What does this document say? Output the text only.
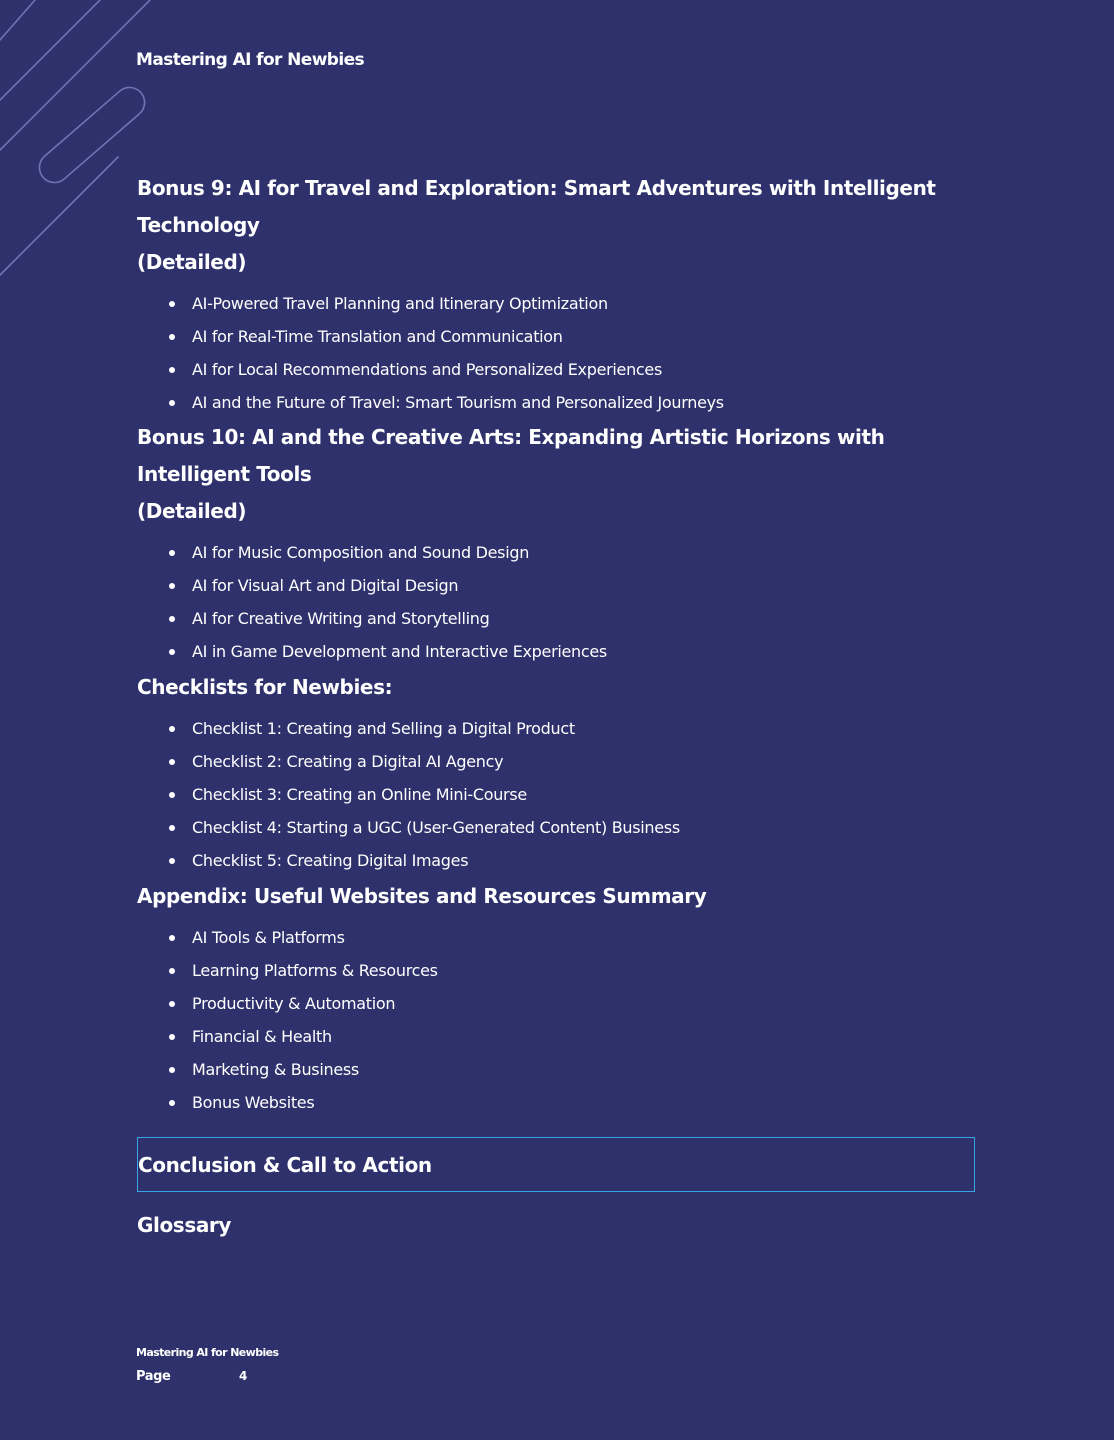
Mastering AI for Newbies

Bonus 9: AI for Travel and Exploration: Smart Adventures with Intelligent Technology
(Detailed)

AI-Powered Travel Planning and Itinerary Optimization
AI for Real-Time Translation and Communication
AI for Local Recommendations and Personalized Experiences
AI and the Future of Travel: Smart Tourism and Personalized Journeys

Bonus 10: AI and the Creative Arts: Expanding Artistic Horizons with Intelligent Tools
(Detailed)

AI for Music Composition and Sound Design
AI for Visual Art and Digital Design
AI for Creative Writing and Storytelling
AI in Game Development and Interactive Experiences

Checklists for Newbies:

Checklist 1: Creating and Selling a Digital Product
Checklist 2: Creating a Digital AI Agency
Checklist 3: Creating an Online Mini-Course
Checklist 4: Starting a UGC (User-Generated Content) Business
Checklist 5: Creating Digital Images

Appendix: Useful Websites and Resources Summary

AI Tools & Platforms
Learning Platforms & Resources
Productivity & Automation
Financial & Health
Marketing & Business
Bonus Websites

Conclusion & Call to Action

Glossary

Mastering AI for Newbies

Page	4
